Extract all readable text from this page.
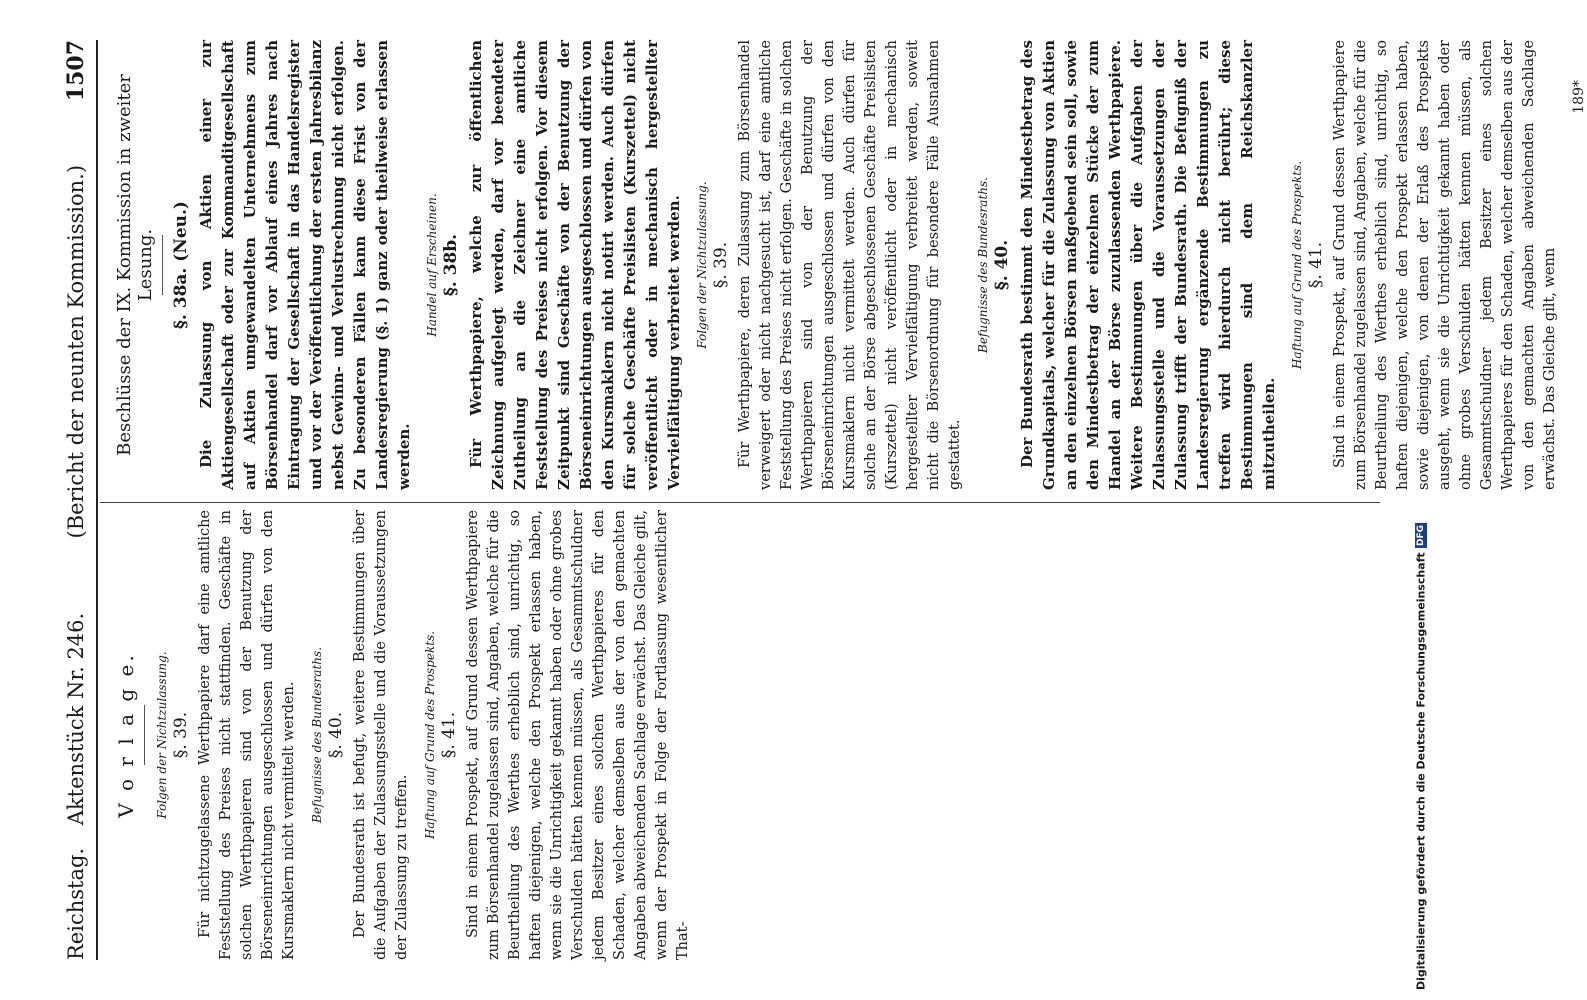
Reichstag. Aktenstück Nr. 246.
(Bericht der neunten Kommission.)
1507
V o r l a g e. Folgen der Nichtzulassung. §. 39. Für nichtzugelassene Werthpapiere darf eine amtliche Feststellung des Preises nicht stattfinden. Geschäfte in solchen Werthpapieren sind von der Benutzung der Börseneinrichtungen ausgeschlossen und dürfen von den Kursmaklern nicht vermittelt werden. Befugnisse des Bundesraths. §. 40. Der Bundesrath ist befugt, weitere Bestimmungen über die Aufgaben der Zulassungsstelle und die Voraussetzungen der Zulassung zu treffen.
Haftung auf Grund des Prospekts. §. 41. Sind in einem Prospekt, auf Grund dessen Werthpapiere zum Börsenhandel zugelassen sind, Angaben, welche für die Beurtheilung des Werthes erheblich sind, unrichtig, so haften diejenigen, welche den Prospekt erlassen haben, wenn sie die Unrichtigkeit gekannt haben oder ohne grobes Verschulden hätten kennen müssen, als Gesammtschuldner jedem Besitzer eines solchen Werthpapieres für den Schaden, welcher demselben aus der von den gemachten Angaben abweichenden Sachlage erwächst. Das Gleiche gilt, wenn der Prospekt in Folge der Fortlassung wesentlicher That-
Beschlüsse der IX. Kommission in zweiter Lesung. §. 38a. (Neu.) Die Zulassung von Aktien einer zur Aktiengesellschaft oder zur Kommanditgesellschaft auf Aktien umgewandelten Unternehmens zum Börsenhandel darf vor Ablauf eines Jahres nach Eintragung der Gesellschaft in das Handelsregister und vor der Veröffentlichung der ersten Jahresbilanz nebst Gewinn- und Verlustrechnung nicht erfolgen. Zu besonderen Fällen kann diese Frist von der Landesregierung (§. 1) ganz oder theilweise erlassen werden.
Handel auf Erscheinen. §. 38b. Für Werthpapiere, welche zur öffentlichen Zeichnung aufgelegt werden, darf vor beendeter Zutheilung an die Zeichner eine amtliche Feststellung des Preises nicht erfolgen. Vor diesem Zeitpunkt sind Geschäfte von der Benutzung der Börseneinrichtungen ausgeschlossen und dürfen von den Kursmaklern nicht notirt werden. Auch dürfen für solche Geschäfte Preislisten (Kurszettel) nicht veröffentlicht oder in mechanisch hergestellter Vervielfältigung verbreitet werden. Folgen der Nichtzulassung. §. 39. Für Werthpapiere, deren Zulassung zum Börsenhandel verweigert oder nicht nachgesucht ist, darf eine amtliche Feststellung des Preises nicht erfolgen. Geschäfte in solchen Werthpapieren sind von der Benutzung der Börseneinrichtungen ausgeschlossen und dürfen von den Kursmaklern nicht vermittelt werden. Auch dürfen für solche an der Börse abgeschlossenen Geschäfte Preislisten (Kurszettel) nicht veröffentlicht oder in mechanisch hergestellter Vervielfältigung verbreitet werden, soweit nicht die Börsenordnung für besondere Fälle Ausnahmen gestattet.
Befugnisse des Bundesraths. §. 40. Der Bundesrath bestimmt den Mindestbetrag des Grundkapitals, welcher für die Zulassung von Aktien an den einzelnen Börsen maßgebend sein soll, sowie den Mindestbetrag der einzelnen Stücke der zum Handel an der Börse zuzulassenden Werthpapiere. Weitere Bestimmungen über die Aufgaben der Zulassungsstelle und die Voraussetzungen der Zulassung trifft der Bundesrath. Die Befugniß der Landesregierung ergänzende Bestimmungen zu treffen wird hierdurch nicht berührt; diese Bestimmungen sind dem Reichskanzler mitzutheilen.
Haftung auf Grund des Prospekts. §. 41. Sind in einem Prospekt, auf Grund dessen Werthpapiere zum Börsenhandel zugelassen sind, Angaben, welche für die Beurtheilung des Werthes erheblich sind, unrichtig, so haften diejenigen, welche den Prospekt erlassen haben, sowie diejenigen, von denen der Erlaß des Prospekts ausgeht, wenn sie die Unrichtigkeit gekannt haben oder ohne grobes Verschulden hätten kennen müssen, als Gesammtschuldner jedem Besitzer eines solchen Werthpapieres für den Schaden, welcher demselben aus der von den gemachten Angaben abweichenden Sachlage erwächst. Das Gleiche gilt, wenn
189*
Digitalisierung gefördert durch die Deutsche Forschungsgemeinschaft
DFG
